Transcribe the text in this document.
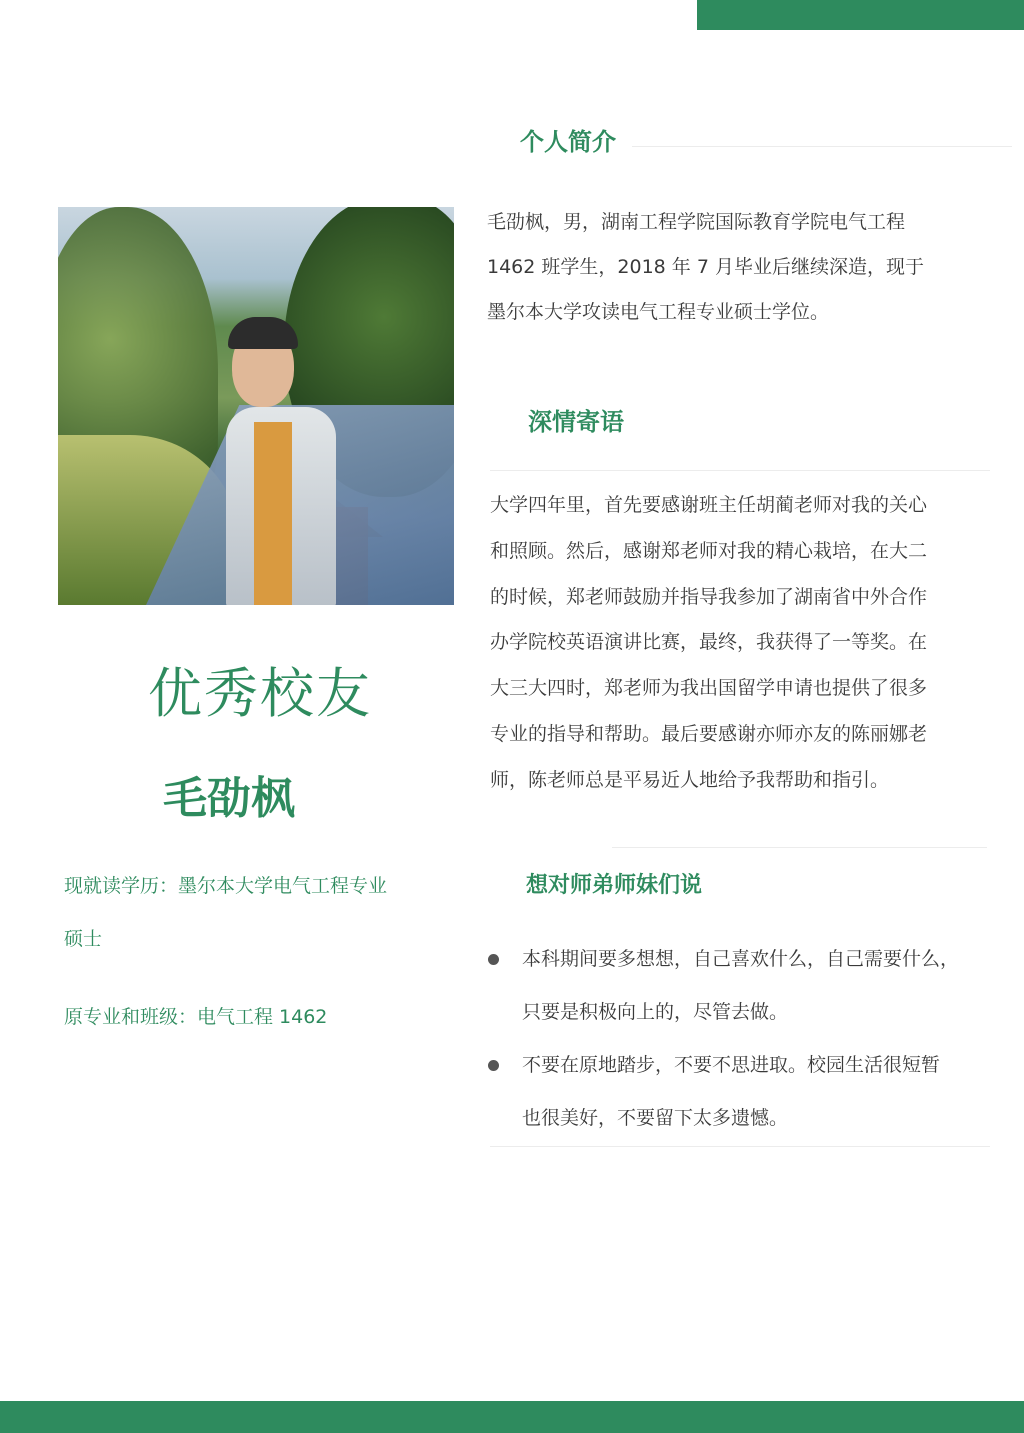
优秀校友
毛劭枫
现就读学历：墨尔本大学电气工程专业
硕士
原专业和班级：电气工程 1462
个人简介

毛劭枫，男，湖南工程学院国际教育学院电气工程
1462 班学生，2018 年 7 月毕业后继续深造，现于
墨尔本大学攻读电气工程专业硕士学位。

深情寄语

大学四年里，首先要感谢班主任胡蔺老师对我的关心
和照顾。然后，感谢郑老师对我的精心栽培，在大二
的时候，郑老师鼓励并指导我参加了湖南省中外合作
办学院校英语演讲比赛，最终，我获得了一等奖。在
大三大四时，郑老师为我出国留学申请也提供了很多
专业的指导和帮助。最后要感谢亦师亦友的陈丽娜老
师，陈老师总是平易近人地给予我帮助和指引。

想对师弟师妹们说

本科期间要多想想，自己喜欢什么，自己需要什么，
只要是积极向上的，尽管去做。

不要在原地踏步，不要不思进取。校园生活很短暂
也很美好，不要留下太多遗憾。
